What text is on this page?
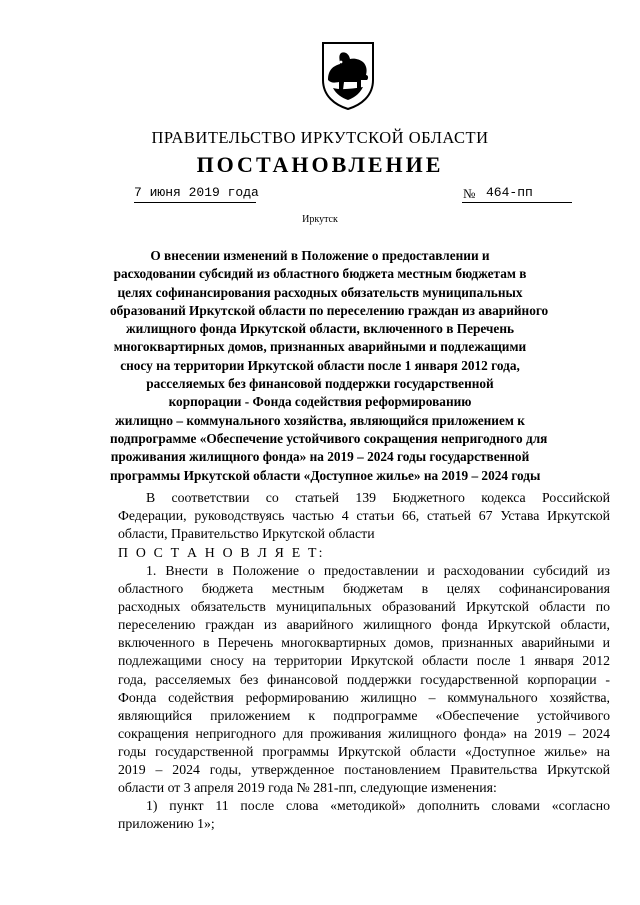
ПРАВИТЕЛЬСТВО ИРКУТСКОЙ ОБЛАСТИ
ПОСТАНОВЛЕНИЕ
7 июня 2019 года	№ 464-пп
Иркутск
О внесении изменений в Положение о предоставлении и
расходовании субсидий из областного бюджета местным бюджетам в
целях софинансирования расходных обязательств муниципальных
образований Иркутской области по переселению граждан из аварийного
жилищного фонда Иркутской области, включенного в Перечень
многоквартирных домов, признанных аварийными и подлежащими
сносу на территории Иркутской области после 1 января 2012 года,
расселяемых без финансовой поддержки государственной
корпорации - Фонда содействия реформированию
жилищно – коммунального хозяйства, являющийся приложением к
подпрограмме «Обеспечение устойчивого сокращения непригодного для
проживания жилищного фонда» на 2019 – 2024 годы государственной
программы Иркутской области «Доступное жилье» на 2019 – 2024 годы
В соответствии со статьей 139 Бюджетного кодекса Российской
Федерации, руководствуясь частью 4 статьи 66, статьей 67 Устава Иркутской
области, Правительство Иркутской области
П О С Т А Н О В Л Я Е Т:
1. Внести в Положение о предоставлении и расходовании субсидий из
областного бюджета местным бюджетам в целях софинансирования
расходных обязательств муниципальных образований Иркутской области по
переселению граждан из аварийного жилищного фонда Иркутской области,
включенного в Перечень многоквартирных домов, признанных аварийными и
подлежащими сносу на территории Иркутской области после 1 января 2012
года, расселяемых без финансовой поддержки государственной корпорации -
Фонда содействия реформированию жилищно – коммунального хозяйства,
являющийся приложением к подпрограмме «Обеспечение устойчивого
сокращения непригодного для проживания жилищного фонда» на 2019 – 2024
годы государственной программы Иркутской области «Доступное жилье» на
2019 – 2024 годы, утвержденное постановлением Правительства Иркутской
области от 3 апреля 2019 года № 281-пп, следующие изменения:
1) пункт 11 после слова «методикой» дополнить словами «согласно
приложению 1»;
